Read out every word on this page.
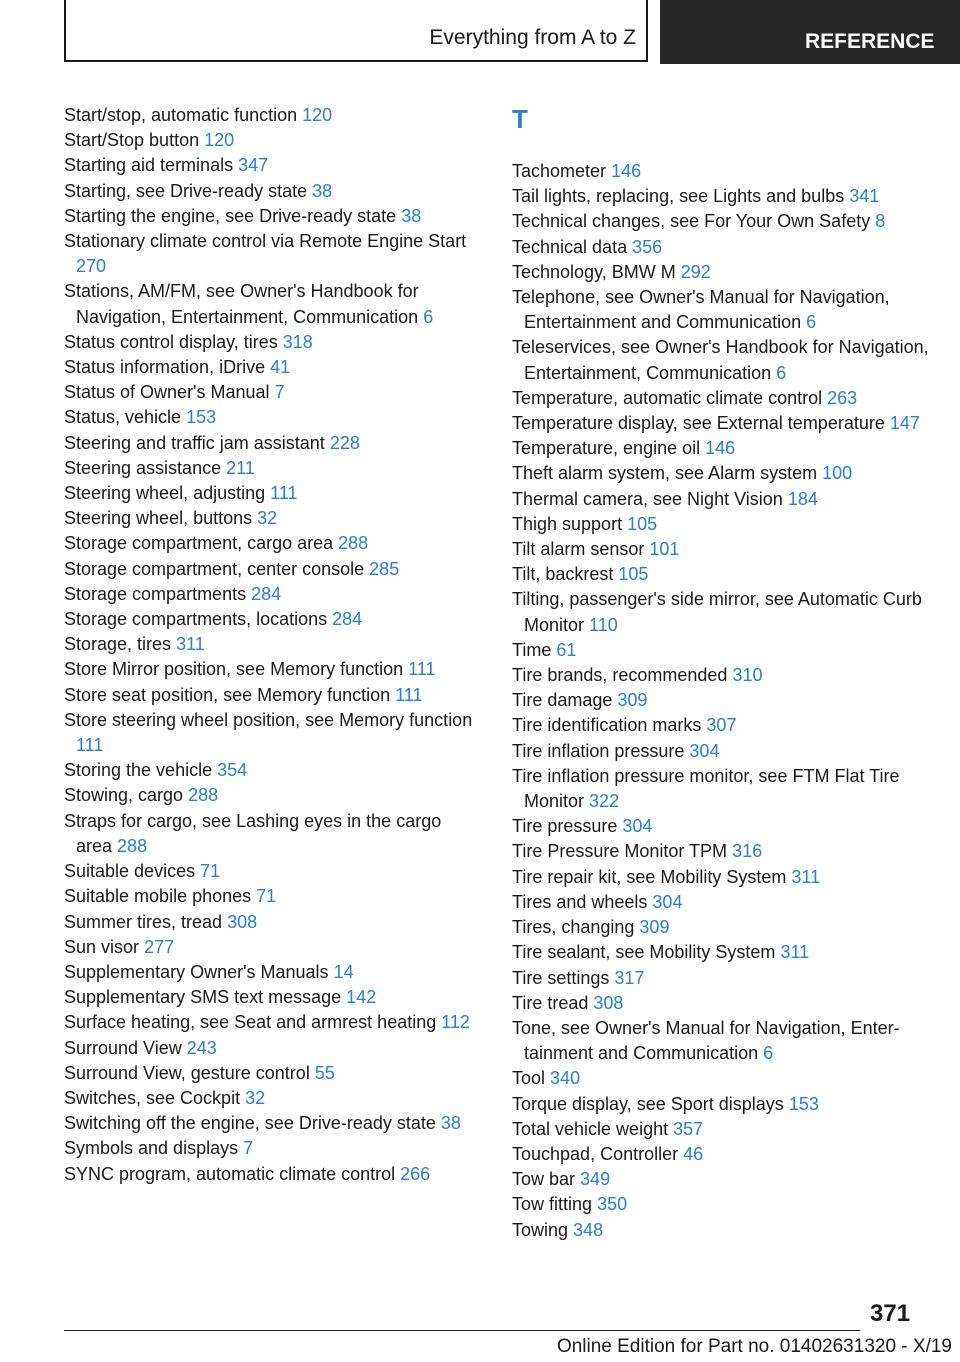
Everything from A to Z	REFERENCE
Start/stop, automatic function 120
Start/Stop button 120
Starting aid terminals 347
Starting, see Drive-ready state 38
Starting the engine, see Drive-ready state 38
Stationary climate control via Remote Engine Start 270
Stations, AM/FM, see Owner's Handbook for Navigation, Entertainment, Communication 6
Status control display, tires 318
Status information, iDrive 41
Status of Owner's Manual 7
Status, vehicle 153
Steering and traffic jam assistant 228
Steering assistance 211
Steering wheel, adjusting 111
Steering wheel, buttons 32
Storage compartment, cargo area 288
Storage compartment, center console 285
Storage compartments 284
Storage compartments, locations 284
Storage, tires 311
Store Mirror position, see Memory function 111
Store seat position, see Memory function 111
Store steering wheel position, see Memory function 111
Storing the vehicle 354
Stowing, cargo 288
Straps for cargo, see Lashing eyes in the cargo area 288
Suitable devices 71
Suitable mobile phones 71
Summer tires, tread 308
Sun visor 277
Supplementary Owner's Manuals 14
Supplementary SMS text message 142
Surface heating, see Seat and armrest heating 112
Surround View 243
Surround View, gesture control 55
Switches, see Cockpit 32
Switching off the engine, see Drive-ready state 38
Symbols and displays 7
SYNC program, automatic climate control 266
T
Tachometer 146
Tail lights, replacing, see Lights and bulbs 341
Technical changes, see For Your Own Safety 8
Technical data 356
Technology, BMW M 292
Telephone, see Owner's Manual for Navigation, Entertainment and Communication 6
Teleservices, see Owner's Handbook for Navigation, Entertainment, Communication 6
Temperature, automatic climate control 263
Temperature display, see External temperature 147
Temperature, engine oil 146
Theft alarm system, see Alarm system 100
Thermal camera, see Night Vision 184
Thigh support 105
Tilt alarm sensor 101
Tilt, backrest 105
Tilting, passenger's side mirror, see Automatic Curb Monitor 110
Time 61
Tire brands, recommended 310
Tire damage 309
Tire identification marks 307
Tire inflation pressure 304
Tire inflation pressure monitor, see FTM Flat Tire Monitor 322
Tire pressure 304
Tire Pressure Monitor TPM 316
Tire repair kit, see Mobility System 311
Tires and wheels 304
Tires, changing 309
Tire sealant, see Mobility System 311
Tire settings 317
Tire tread 308
Tone, see Owner's Manual for Navigation, Entertainment and Communication 6
Tool 340
Torque display, see Sport displays 153
Total vehicle weight 357
Touchpad, Controller 46
Tow bar 349
Tow fitting 350
Towing 348
371
Online Edition for Part no. 01402631320 - X/19
